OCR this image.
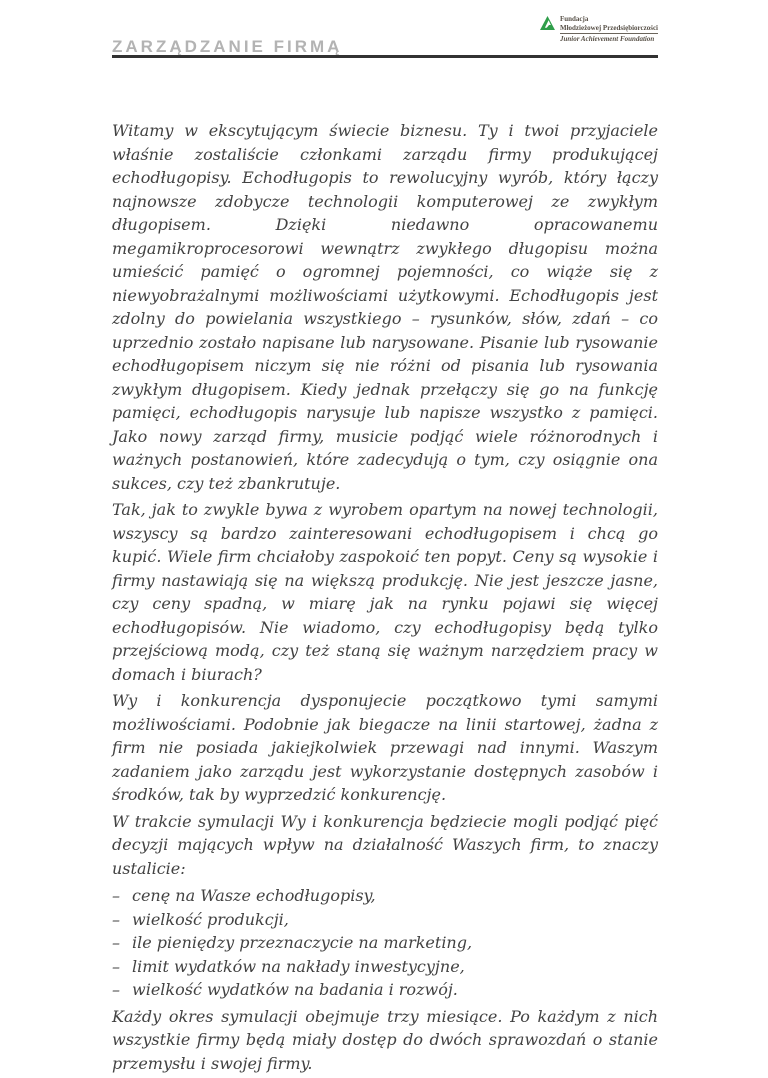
ZARZĄDZANIE FIRMĄ
Fundacja
Młodzieżowej Przedsiębiorczości
Junior Achievement Foundation

Witamy w ekscytującym świecie biznesu. Ty i twoi przyjaciele właśnie zostaliście członkami zarządu firmy produkującej echodługopisy. Echodługopis to rewolucyjny wyrób, który łączy najnowsze zdobycze technologii komputerowej ze zwykłym długopisem. Dzięki niedawno opracowanemu megamikroprocesorowi wewnątrz zwykłego długopisu można umieścić pamięć o ogromnej pojemności, co wiąże się z niewyobrażalnymi możliwościami użytkowymi. Echodługopis jest zdolny do powielania wszystkiego – rysunków, słów, zdań – co uprzednio zostało napisane lub narysowane. Pisanie lub rysowanie echodługopisem niczym się nie różni od pisania lub rysowania zwykłym długopisem. Kiedy jednak przełączy się go na funkcję pamięci, echodługopis narysuje lub napisze wszystko z pamięci. Jako nowy zarząd firmy, musicie podjąć wiele różnorodnych i ważnych postanowień, które zadecydują o tym, czy osiągnie ona sukces, czy też zbankrutuje.

Tak, jak to zwykle bywa z wyrobem opartym na nowej technologii, wszyscy są bardzo zainteresowani echodługopisem i chcą go kupić. Wiele firm chciałoby zaspokoić ten popyt. Ceny są wysokie i firmy nastawiają się na większą produkcję. Nie jest jeszcze jasne, czy ceny spadną, w miarę jak na rynku pojawi się więcej echodługopisów. Nie wiadomo, czy echodługopisy będą tylko przejściową modą, czy też staną się ważnym narzędziem pracy w domach i biurach?

Wy i konkurencja dysponujecie początkowo tymi samymi możliwościami. Podobnie jak biegacze na linii startowej, żadna z firm nie posiada jakiejkolwiek przewagi nad innymi. Waszym zadaniem jako zarządu jest wykorzystanie dostępnych zasobów i środków, tak by wyprzedzić konkurencję.

W trakcie symulacji Wy i konkurencja będziecie mogli podjąć pięć decyzji mających wpływ na działalność Waszych firm, to znaczy ustalicie:

– cenę na Wasze echodługopisy,
– wielkość produkcji,
– ile pieniędzy przeznaczycie na marketing,
– limit wydatków na nakłady inwestycyjne,
– wielkość wydatków na badania i rozwój.

Każdy okres symulacji obejmuje trzy miesiące. Po każdym z nich wszystkie firmy będą miały dostęp do dwóch sprawozdań o stanie przemysłu i swojej firmy.
